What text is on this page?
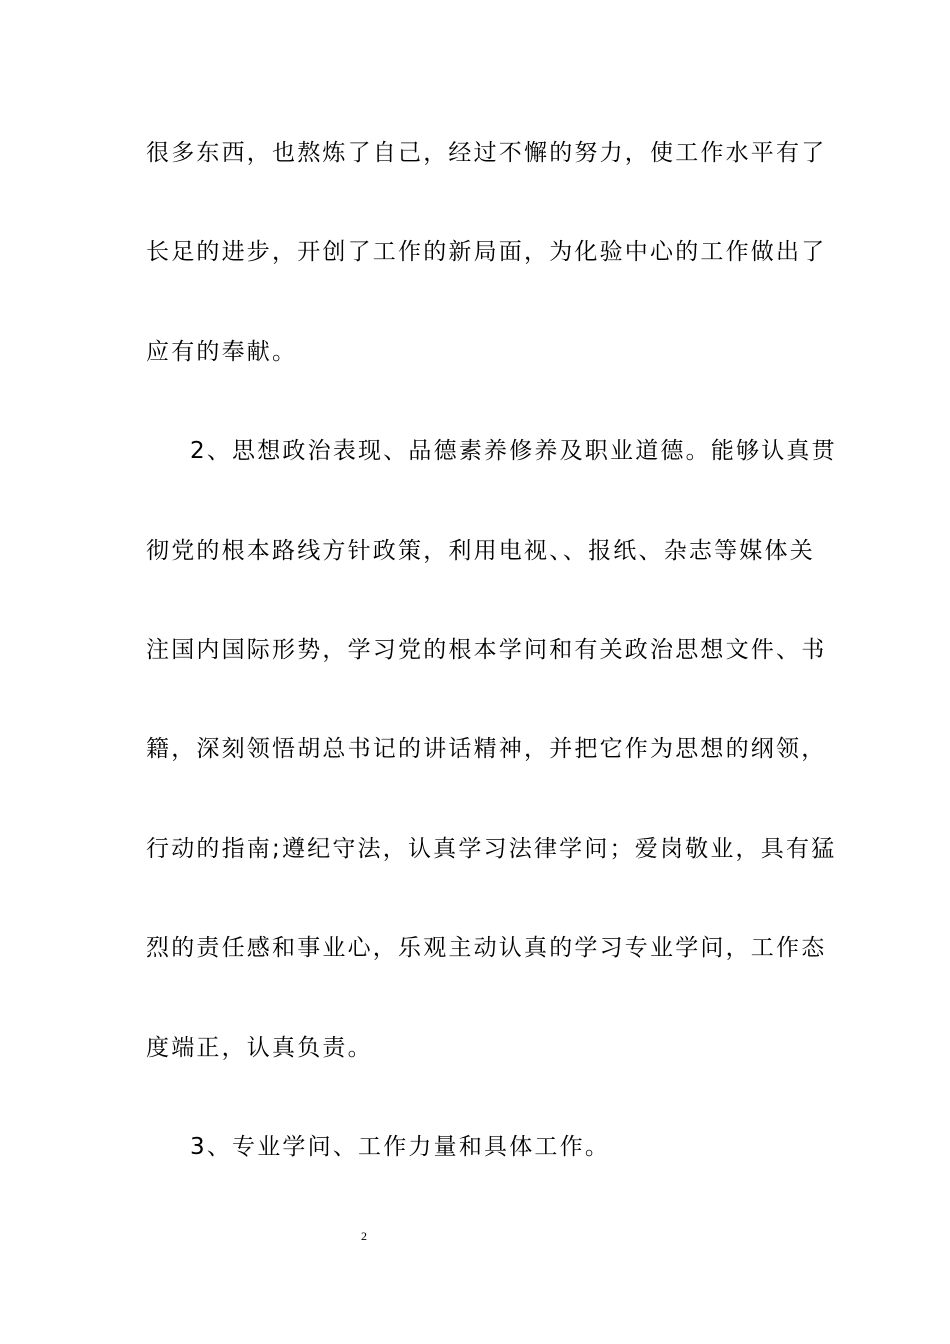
很多东西，也熬炼了自己，经过不懈的努力，使工作水平有了
长足的进步，开创了工作的新局面，为化验中心的工作做出了
应有的奉献。
2、思想政治表现、品德素养修养及职业道德。能够认真贯
彻党的根本路线方针政策，利用电视、、报纸、杂志等媒体关
注国内国际形势，学习党的根本学问和有关政治思想文件、书
籍，深刻领悟胡总书记的讲话精神，并把它作为思想的纲领，
行动的指南;遵纪守法，认真学习法律学问；爱岗敬业，具有猛
烈的责任感和事业心，乐观主动认真的学习专业学问，工作态
度端正，认真负责。
3、专业学问、工作力量和具体工作。
2
